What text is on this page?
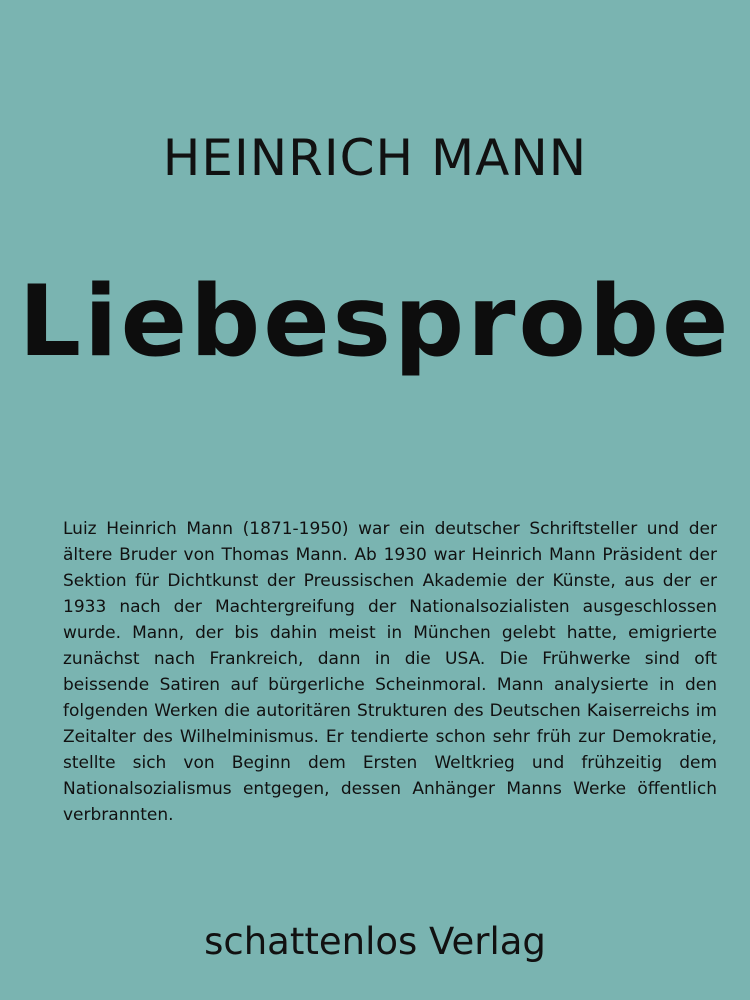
HEINRICH MANN
Liebesprobe

Luiz Heinrich Mann (1871-1950) war ein deutscher Schriftsteller und der ältere Bruder von Thomas Mann. Ab 1930 war Heinrich Mann Präsident der Sektion für Dichtkunst der Preussischen Akademie der Künste, aus der er 1933 nach der Machtergreifung der Nationalsozialisten ausgeschlossen wurde. Mann, der bis dahin meist in München gelebt hatte, emigrierte zunächst nach Frankreich, dann in die USA. Die Frühwerke sind oft beissende Satiren auf bürgerliche Scheinmoral. Mann analysierte in den folgenden Werken die autoritären Strukturen des Deutschen Kaiserreichs im Zeitalter des Wilhelminismus. Er tendierte schon sehr früh zur Demokratie, stellte sich von Beginn dem Ersten Weltkrieg und frühzeitig dem Nationalsozialismus entgegen, dessen Anhänger Manns Werke öffentlich verbrannten.

schattenlos Verlag
